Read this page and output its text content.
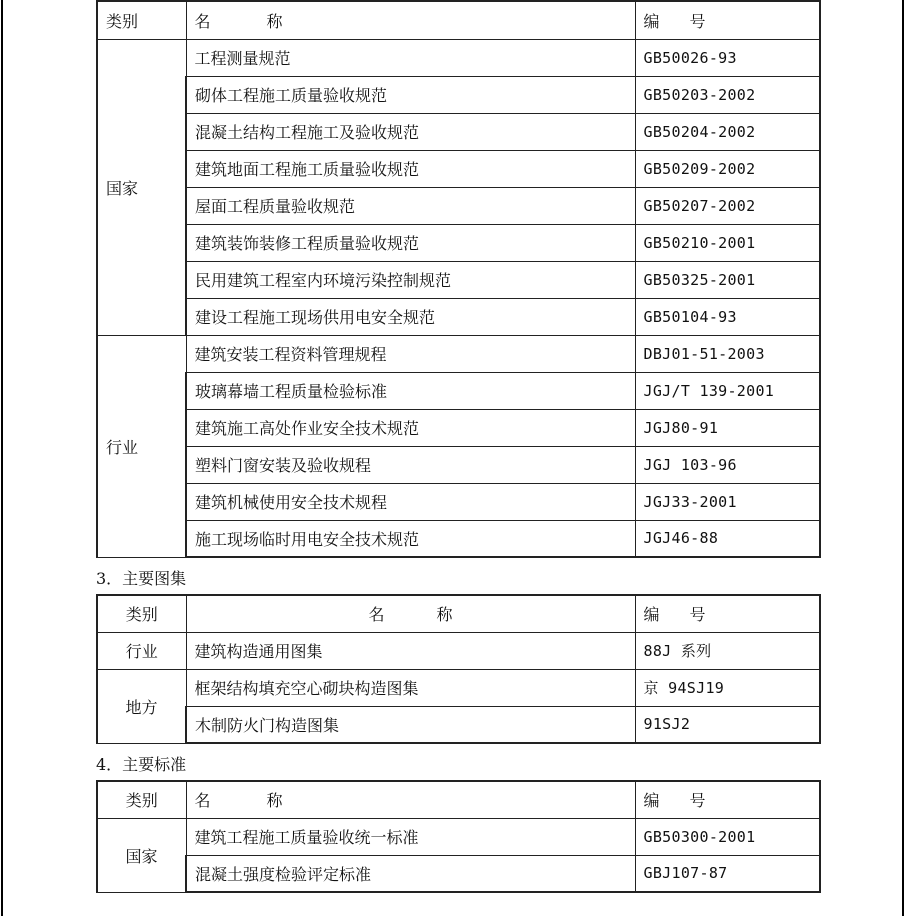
类别	名 称	编 号
国家	工程测量规范	GB50026-93
	砌体工程施工质量验收规范	GB50203-2002
	混凝土结构工程施工及验收规范	GB50204-2002
	建筑地面工程施工质量验收规范	GB50209-2002
	屋面工程质量验收规范	GB50207-2002
	建筑装饰装修工程质量验收规范	GB50210-2001
	民用建筑工程室内环境污染控制规范	GB50325-2001
	建设工程施工现场供用电安全规范	GB50104-93
行业	建筑安装工程资料管理规程	DBJ01-51-2003
	玻璃幕墙工程质量检验标准	JGJ/T 139-2001
	建筑施工高处作业安全技术规范	JGJ80-91
	塑料门窗安装及验收规程	JGJ 103-96
	建筑机械使用安全技术规程	JGJ33-2001
	施工现场临时用电安全技术规范	JGJ46-88
3．主要图集
类别	名 称	编 号
行业	建筑构造通用图集	88J 系列
地方	框架结构填充空心砌块构造图集	京 94SJ19
	木制防火门构造图集	91SJ2
4．主要标准
类别	名 称	编 号
国家	建筑工程施工质量验收统一标准	GB50300-2001
	混凝土强度检验评定标准	GBJ107-87
